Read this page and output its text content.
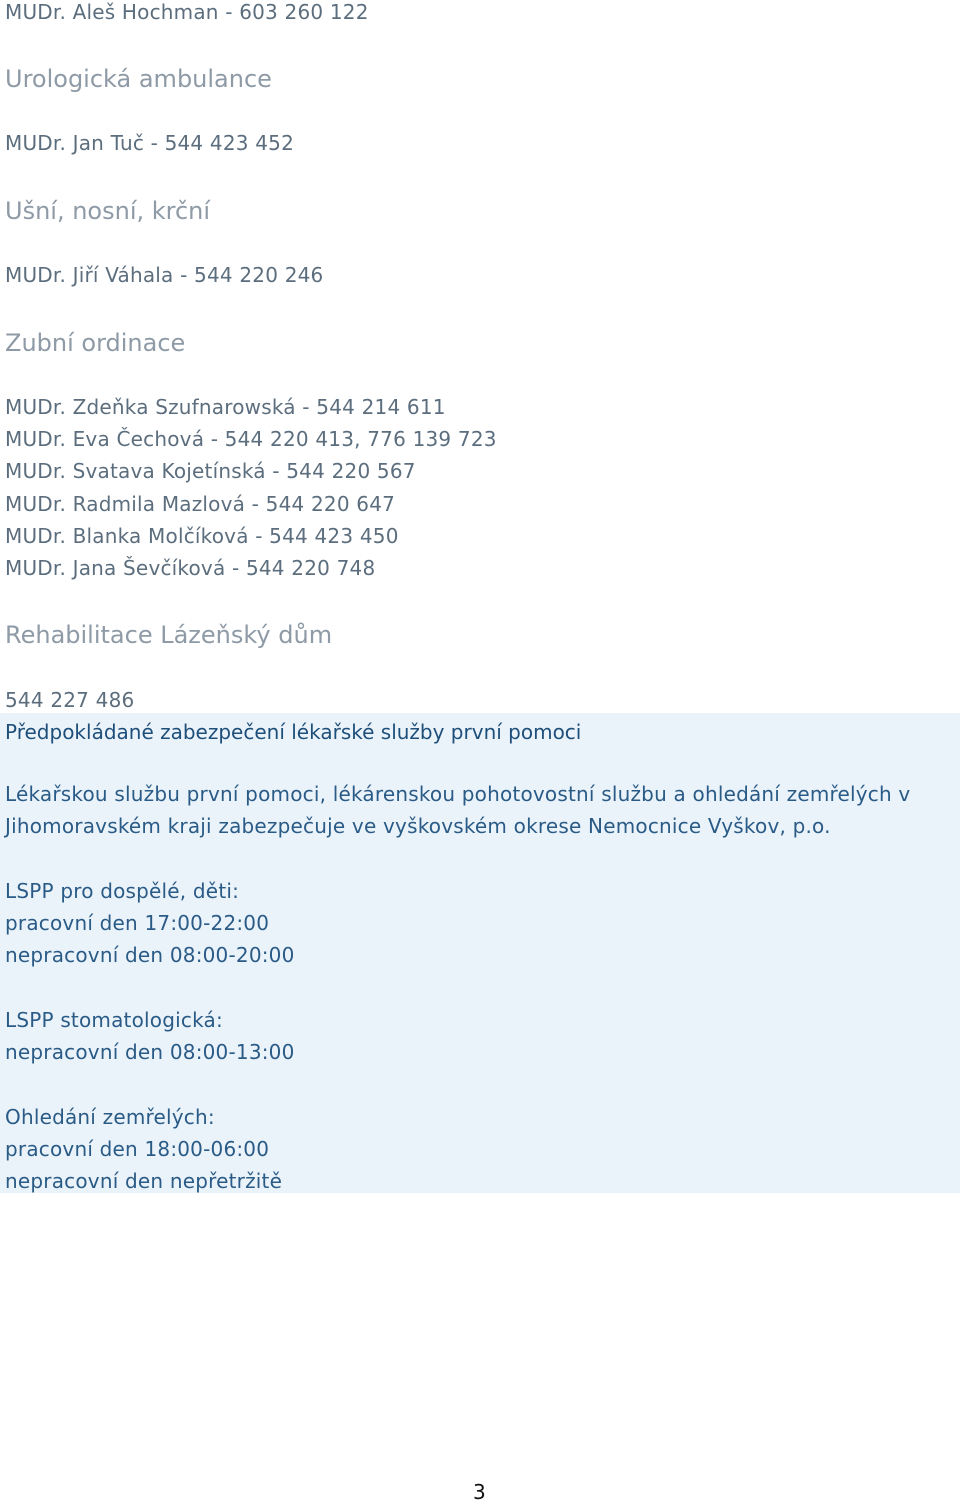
MUDr. Aleš Hochman - 603 260 122

Urologická ambulance

MUDr. Jan Tuč - 544 423 452

Ušní, nosní, krční

MUDr. Jiří Váhala - 544 220 246

Zubní ordinace

MUDr. Zdeňka Szufnarowská - 544 214 611

MUDr. Eva Čechová - 544 220 413, 776 139 723

MUDr. Svatava Kojetínská - 544 220 567

MUDr. Radmila Mazlová - 544 220 647

MUDr. Blanka Molčíková - 544 423 450

MUDr. Jana Ševčíková - 544 220 748

Rehabilitace Lázeňský dům

544 227 486

Předpokládané zabezpečení lékařské služby první pomoci

Lékařskou službu první pomoci, lékárenskou pohotovostní službu a ohledání zemřelých v

Jihomoravském kraji zabezpečuje ve vyškovském okrese Nemocnice Vyškov, p.o.

LSPP pro dospělé, děti:

pracovní den 17:00-22:00

nepracovní den 08:00-20:00

LSPP stomatologická:

nepracovní den 08:00-13:00

Ohledání zemřelých:

pracovní den 18:00-06:00

nepracovní den nepřetržitě

3
